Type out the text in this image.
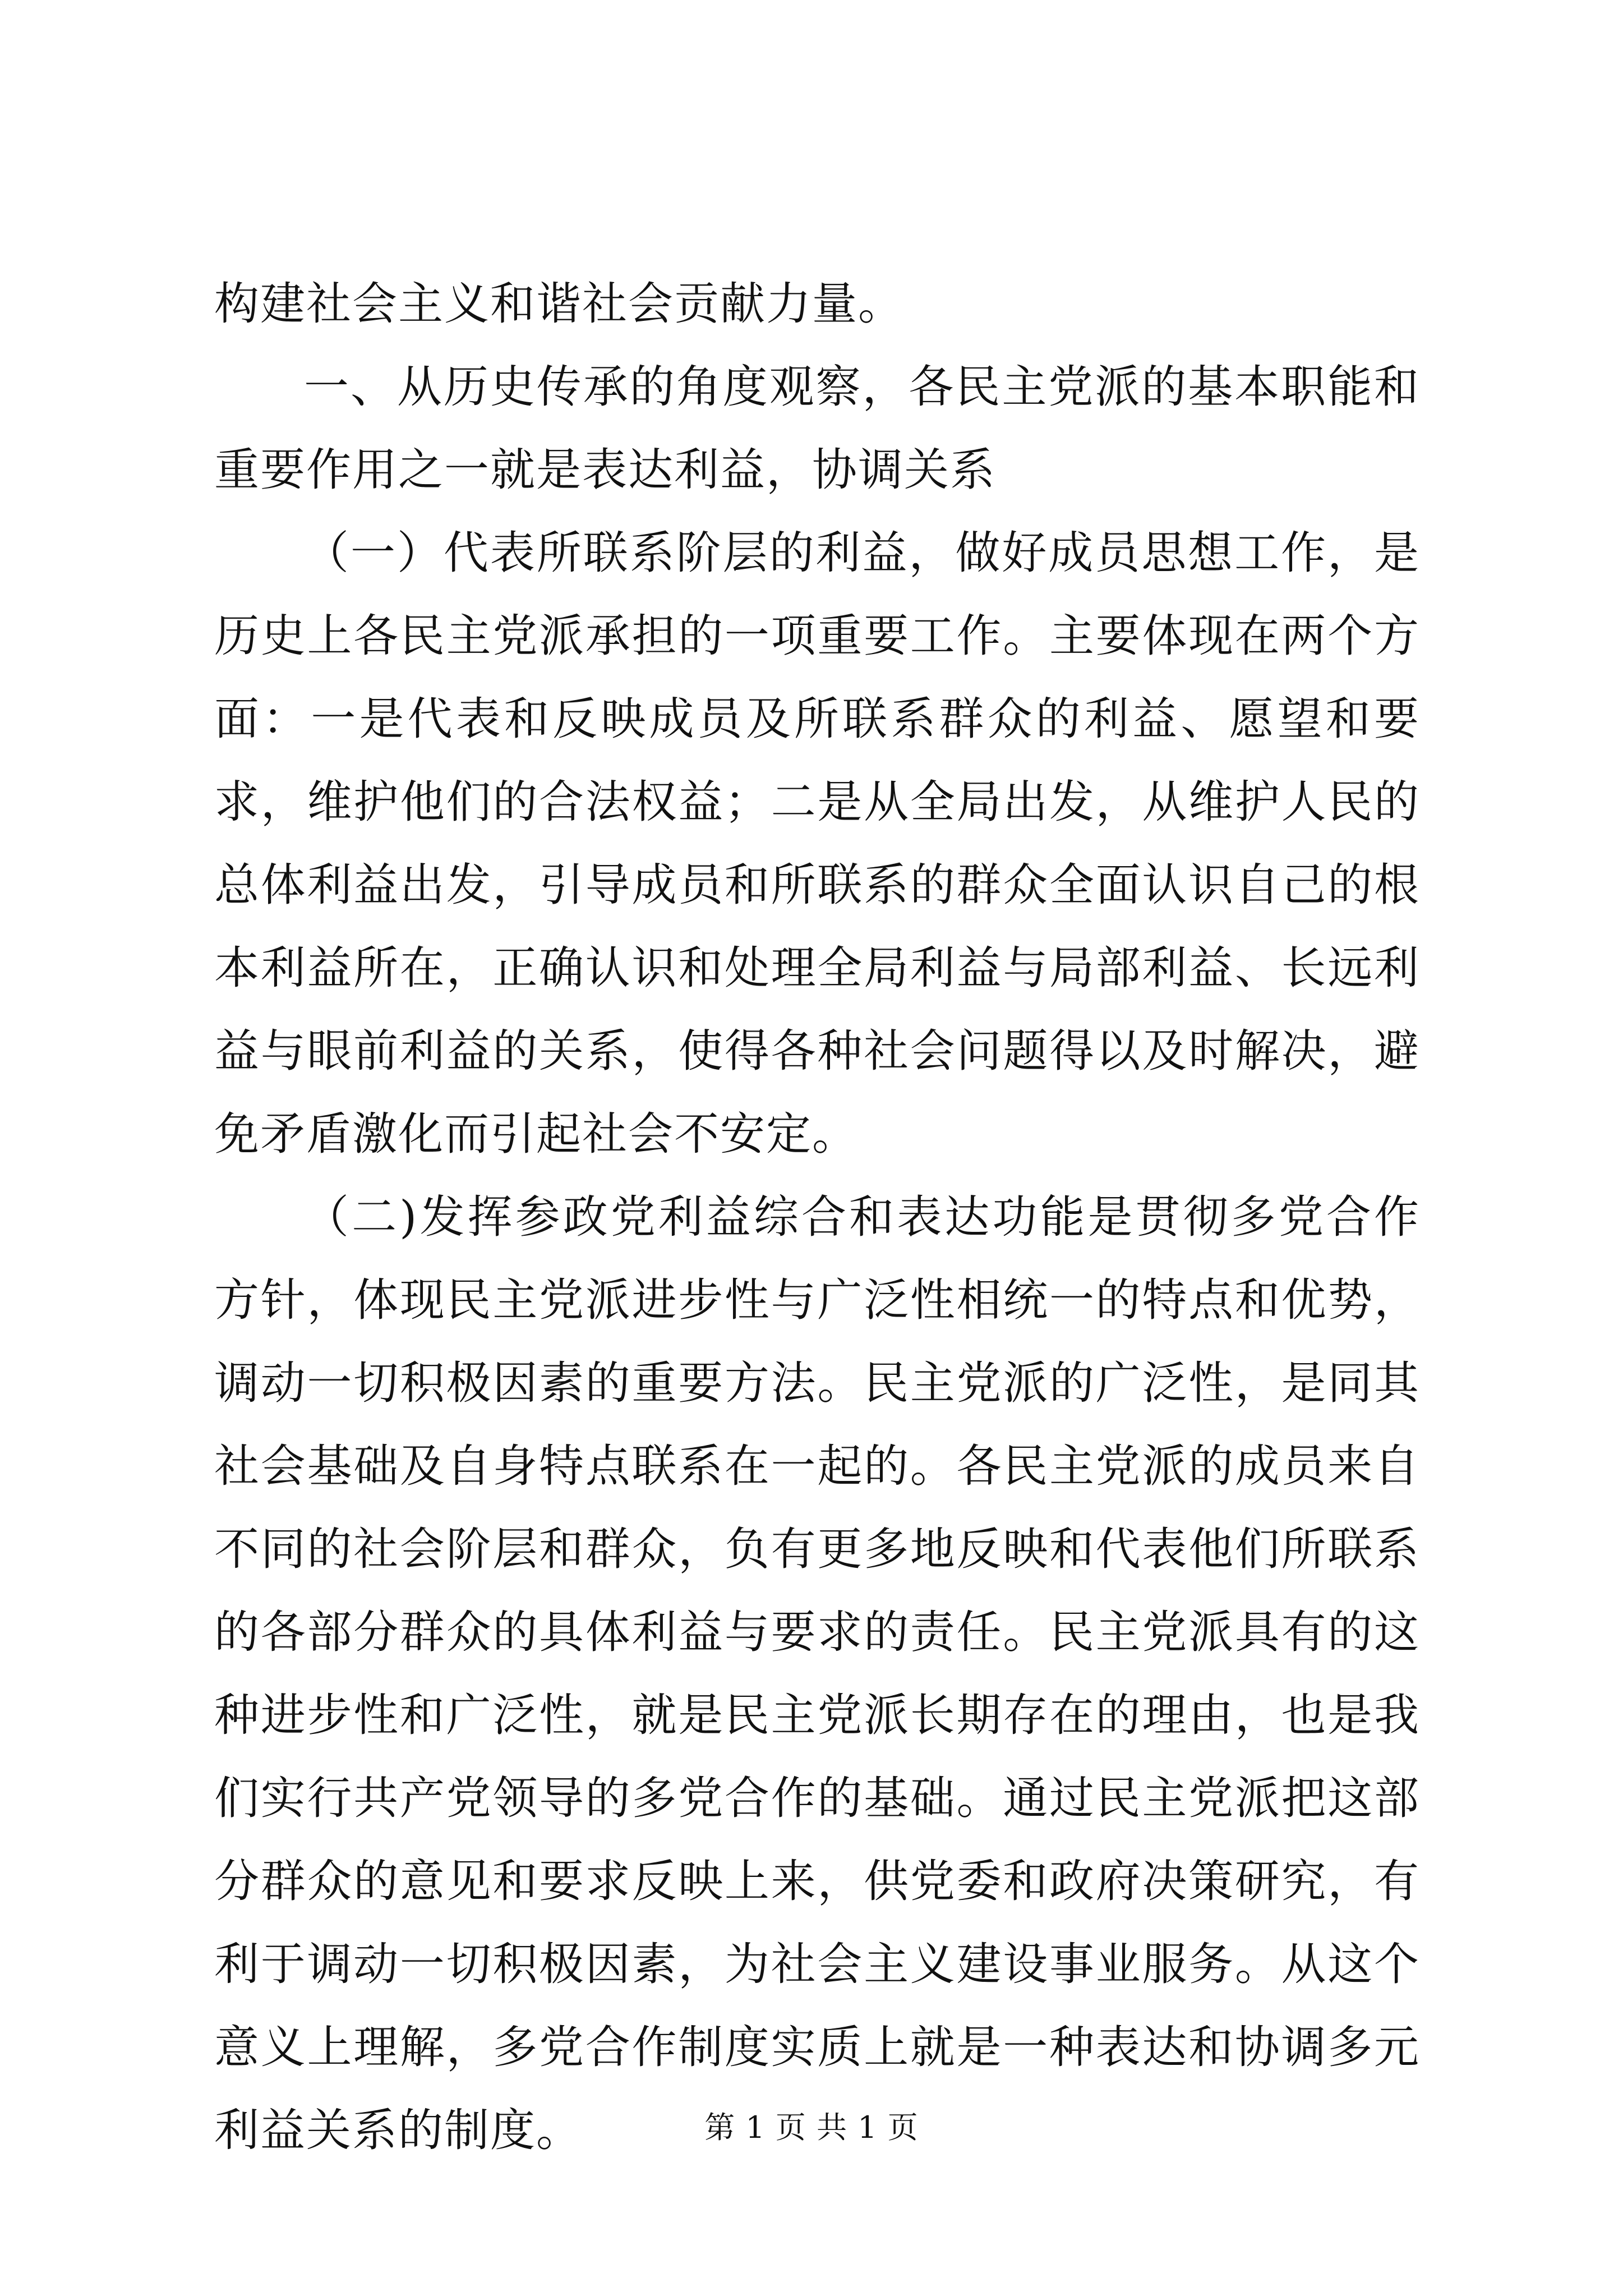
构建社会主义和谐社会贡献力量。

一、从历史传承的角度观察，各民主党派的基本职能和重要作用之一就是表达利益，协调关系

（一）代表所联系阶层的利益，做好成员思想工作，是历史上各民主党派承担的一项重要工作。主要体现在两个方面：一是代表和反映成员及所联系群众的利益、愿望和要求，维护他们的合法权益；二是从全局出发，从维护人民的总体利益出发，引导成员和所联系的群众全面认识自己的根本利益所在，正确认识和处理全局利益与局部利益、长远利益与眼前利益的关系，使得各种社会问题得以及时解决，避免矛盾激化而引起社会不安定。

（二)发挥参政党利益综合和表达功能是贯彻多党合作方针，体现民主党派进步性与广泛性相统一的特点和优势，调动一切积极因素的重要方法。民主党派的广泛性，是同其社会基础及自身特点联系在一起的。各民主党派的成员来自不同的社会阶层和群众，负有更多地反映和代表他们所联系的各部分群众的具体利益与要求的责任。民主党派具有的这种进步性和广泛性，就是民主党派长期存在的理由，也是我们实行共产党领导的多党合作的基础。通过民主党派把这部分群众的意见和要求反映上来，供党委和政府决策研究，有利于调动一切积极因素，为社会主义建设事业服务。从这个意义上理解，多党合作制度实质上就是一种表达和协调多元利益关系的制度。	第 1 页 共 1 页
